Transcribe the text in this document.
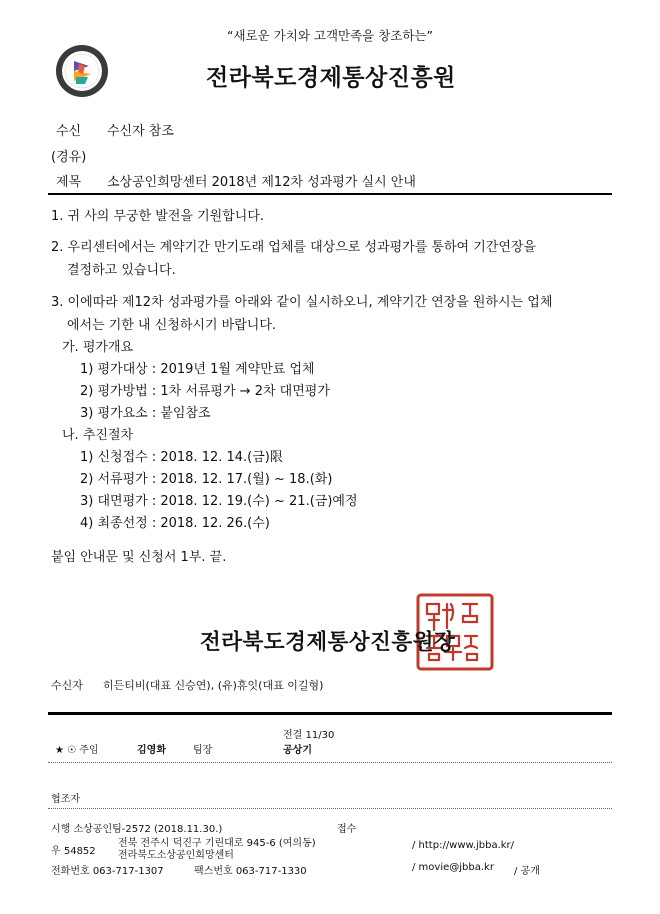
“새로운 가치와 고객만족을 창조하는”
전라북도경제통상진흥원
수신 수신자 참조
(경유)
제목 소상공인희망센터 2018년 제12차 성과평가 실시 안내
1. 귀 사의 무궁한 발전을 기원합니다.
2. 우리센터에서는 계약기간 만기도래 업체를 대상으로 성과평가를 통하여 기간연장을
결정하고 있습니다.
3. 이에따라 제12차 성과평가를 아래와 같이 실시하오니, 계약기간 연장을 원하시는 업체
에서는 기한 내 신청하시기 바랍니다.
가. 평가개요
1) 평가대상 : 2019년 1월 계약만료 업체
2) 평가방법 : 1차 서류평가 → 2차 대면평가
3) 평가요소 : 붙임참조
나. 추진절차
1) 신청접수 : 2018. 12. 14.(금)限
2) 서류평가 : 2018. 12. 17.(월) ~ 18.(화)
3) 대면평가 : 2018. 12. 19.(수) ~ 21.(금)예정
4) 최종선정 : 2018. 12. 26.(수)
붙임 안내문 및 신청서 1부. 끝.
전라북도경제통상진흥원장
수신자 히든티비(대표 신승연), (유)휴잇(대표 이길형)
전결 11/30
★ ☉ 주임	김영화	팀장	공상기
협조자
시행 소상공인팀-2572 (2018.11.30.)	접수
우 54852
전북 전주시 덕진구 기린대로 945-6 (여의동)
전라북도소상공인희망센터
/ http://www.jbba.kr/
전화번호 063-717-1307	팩스번호 063-717-1330	/ movie@jbba.kr / 공개
